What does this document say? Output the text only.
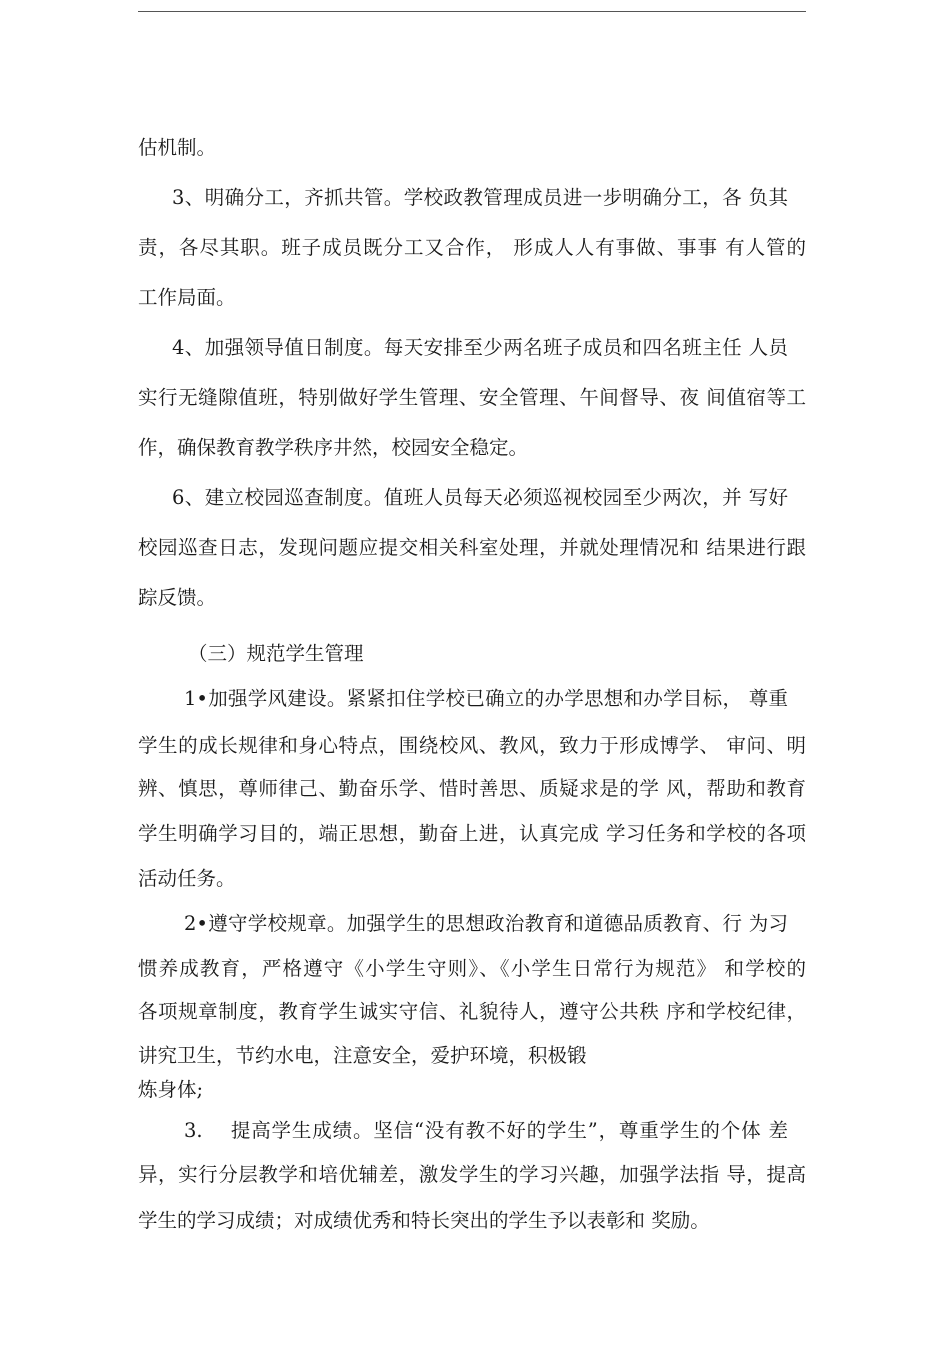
估机制。
3、明确分工，齐抓共管。学校政教管理成员进一步明确分工，各 负其
责，各尽其职。班子成员既分工又合作， 形成人人有事做、事事 有人管的
工作局面。
4、加强领导值日制度。每天安排至少两名班子成员和四名班主任 人员
实行无缝隙值班，特别做好学生管理、安全管理、午间督导、夜 间值宿等工
作，确保教育教学秩序井然，校园安全稳定。
6、建立校园巡查制度。值班人员每天必须巡视校园至少两次，并 写好
校园巡查日志，发现问题应提交相关科室处理，并就处理情况和 结果进行跟
踪反馈。
（三）规范学生管理
1•加强学风建设。紧紧扣住学校已确立的办学思想和办学目标， 尊重
学生的成长规律和身心特点，围绕校风、教风，致力于形成博学、 审问、明
辨、慎思，尊师律己、勤奋乐学、惜时善思、质疑求是的学 风，帮助和教育
学生明确学习目的，端正思想，勤奋上进，认真完成 学习任务和学校的各项
活动任务。
2•遵守学校规章。加强学生的思想政治教育和道德品质教育、行 为习
惯养成教育，严格遵守《小学生守则》、《小学生日常行为规范》 和学校的
各项规章制度，教育学生诚实守信、礼貌待人，遵守公共秩 序和学校纪律，
讲究卫生，节约水电，注意安全，爱护环境，积极锻
炼身体;
3.    提高学生成绩。坚信“没有教不好的学生”，尊重学生的个体 差
异，实行分层教学和培优辅差，激发学生的学习兴趣，加强学法指 导，提高
学生的学习成绩；对成绩优秀和特长突出的学生予以表彰和 奖励。
